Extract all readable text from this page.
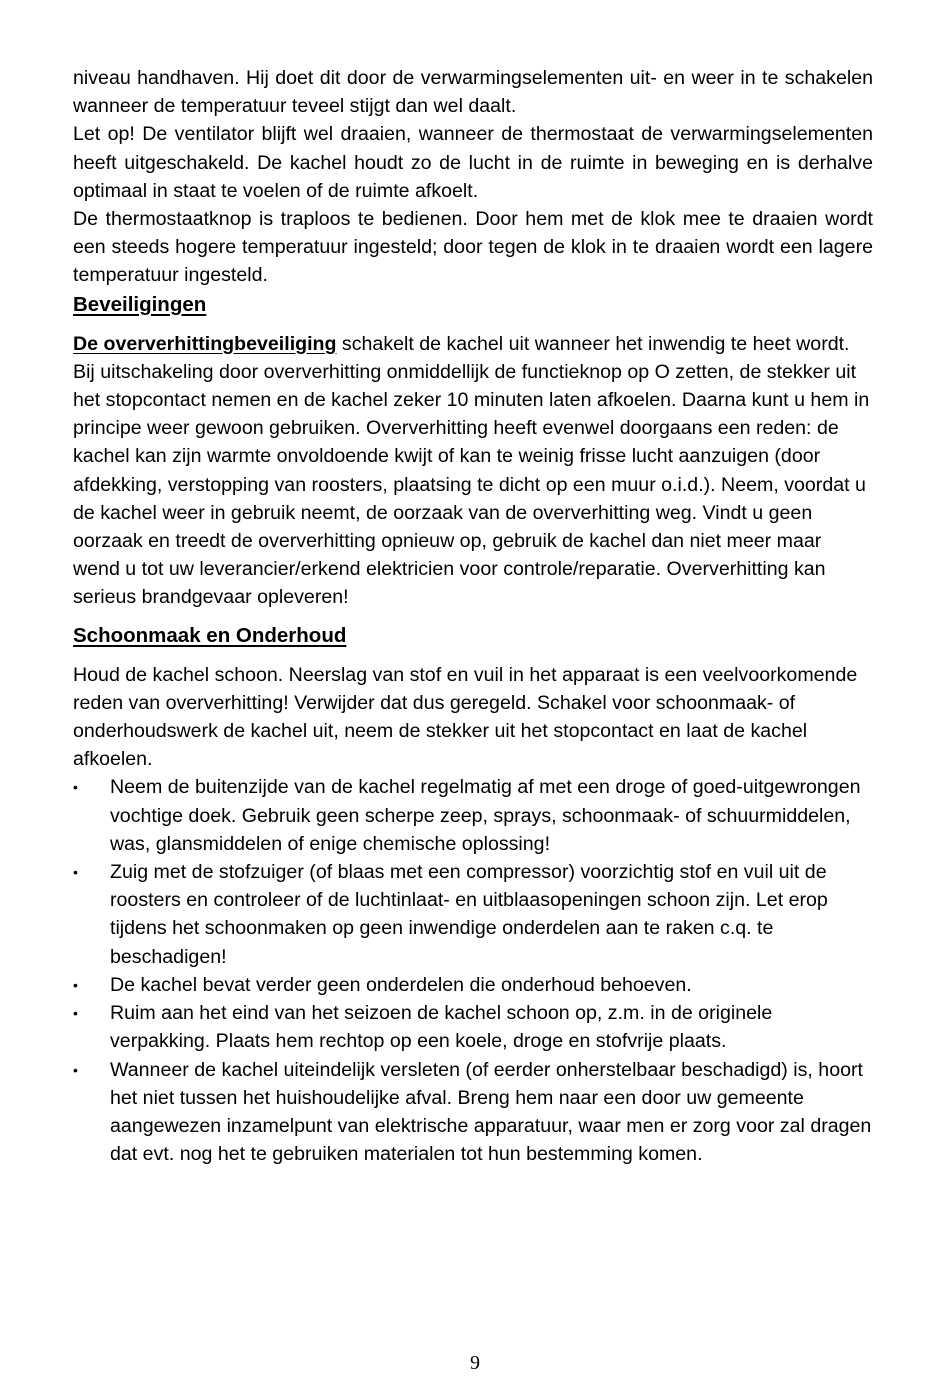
niveau handhaven. Hij doet dit door de verwarmingselementen uit- en weer in te schakelen wanneer de temperatuur teveel stijgt dan wel daalt.

Let op! De ventilator blijft wel draaien, wanneer de thermostaat de verwarmingselementen heeft uitgeschakeld. De kachel houdt zo de lucht in de ruimte in beweging en is derhalve optimaal in staat te voelen of de ruimte afkoelt.

De thermostaatknop is traploos te bedienen. Door hem met de klok mee te draaien wordt een steeds hogere temperatuur ingesteld; door tegen de klok in te draaien wordt een lagere temperatuur ingesteld.

Beveiligingen

De oververhittingbeveiliging schakelt de kachel uit wanneer het inwendig te heet wordt. Bij uitschakeling door oververhitting onmiddellijk de functieknop op O zetten, de stekker uit het stopcontact nemen en de kachel zeker 10 minuten laten afkoelen. Daarna kunt u hem in principe weer gewoon gebruiken. Oververhitting heeft evenwel doorgaans een reden: de kachel kan zijn warmte onvoldoende kwijt of kan te weinig frisse lucht aanzuigen (door afdekking, verstopping van roosters, plaatsing te dicht op een muur o.i.d.). Neem, voordat u de kachel weer in gebruik neemt, de oorzaak van de oververhitting weg. Vindt u geen oorzaak en treedt de oververhitting opnieuw op, gebruik de kachel dan niet meer maar wend u tot uw leverancier/erkend elektricien voor controle/reparatie. Oververhitting kan serieus brandgevaar opleveren!

Schoonmaak en Onderhoud

Houd de kachel schoon. Neerslag van stof en vuil in het apparaat is een veelvoorkomende reden van oververhitting! Verwijder dat dus geregeld. Schakel voor schoonmaak- of onderhoudswerk de kachel uit, neem de stekker uit het stopcontact en laat de kachel afkoelen.

• Neem de buitenzijde van de kachel regelmatig af met een droge of goed-uitgewrongen vochtige doek. Gebruik geen scherpe zeep, sprays, schoonmaak- of schuurmiddelen, was, glansmiddelen of enige chemische oplossing!
• Zuig met de stofzuiger (of blaas met een compressor) voorzichtig stof en vuil uit de roosters en controleer of de luchtinlaat- en uitblaasopeningen schoon zijn. Let erop tijdens het schoonmaken op geen inwendige onderdelen aan te raken c.q. te beschadigen!
• De kachel bevat verder geen onderdelen die onderhoud behoeven.
• Ruim aan het eind van het seizoen de kachel schoon op, z.m. in de originele verpakking. Plaats hem rechtop op een koele, droge en stofvrije plaats.
• Wanneer de kachel uiteindelijk versleten (of eerder onherstelbaar beschadigd) is, hoort het niet tussen het huishoudelijke afval. Breng hem naar een door uw gemeente aangewezen inzamelpunt van elektrische apparatuur, waar men er zorg voor zal dragen dat evt. nog het te gebruiken materialen tot hun bestemming komen.
9
